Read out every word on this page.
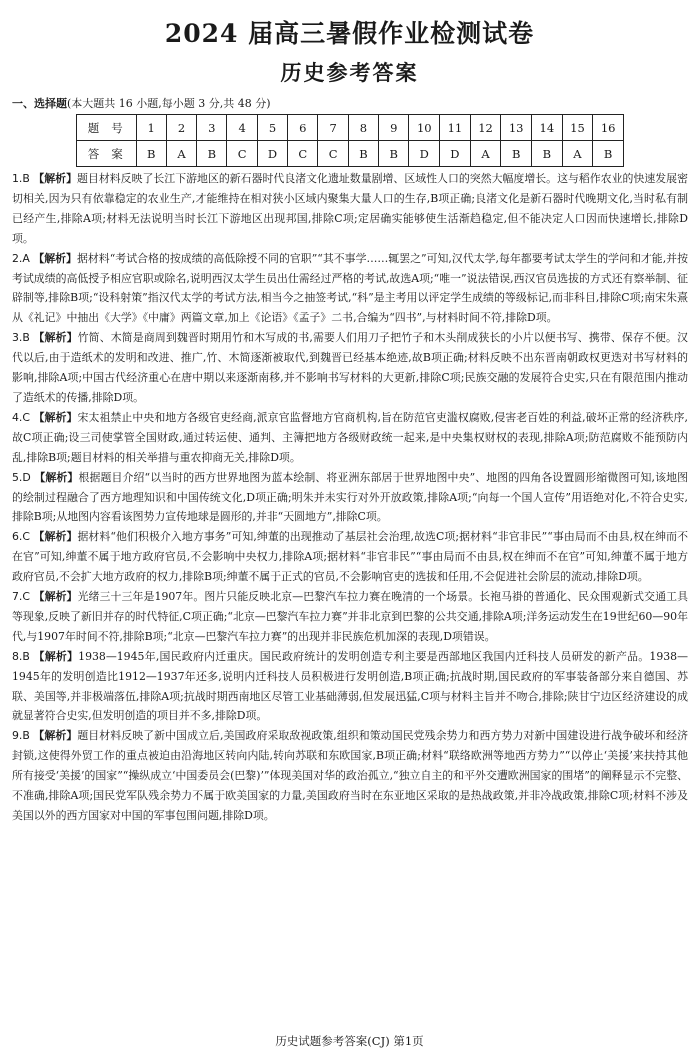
2024 届高三暑假作业检测试卷
历史参考答案
一、选择题(本大题共 16 小题,每小题 3 分,共 48 分)
题号	1	2	3	4	5	6	7	8	9	10	11	12	13	14	15	16
答案	B	A	B	C	D	C	C	B	B	D	D	A	B	B	A	B

1.B 【解析】题目材料反映了长江下游地区的新石器时代良渚文化遗址数量剧增、区域性人口的突然大幅度增长。这与稻作农业的快速发展密切相关,因为只有依靠稳定的农业生产,才能维持在相对狭小区域内聚集大量人口的生存,B项正确;良渚文化是新石器时代晚期文化,当时私有制已经产生,排除A项;材料无法说明当时长江下游地区出现邦国,排除C项;定居确实能够使生活渐趋稳定,但不能决定人口因而快速增长,排除D项。

2.A 【解析】据材料“考试合格的按成绩的高低除授不同的官职”“其不事学……辄罢之”可知,汉代太学,每年都要考试太学生的学问和才能,并按考试成绩的高低授予相应官职或除名,说明西汉太学生员出仕需经过严格的考试,故选A项;“唯一”说法错误,西汉官员选拔的方式还有察举制、征辟制等,排除B项;“设科射策”指汉代太学的考试方法,相当今之抽签考试,“科”是主考用以评定学生成绩的等级标记,而非科目,排除C项;南宋朱熹从《礼记》中抽出《大学》《中庸》两篇文章,加上《论语》《孟子》二书,合编为“四书”,与材料时间不符,排除D项。

3.B 【解析】竹简、木简是商周到魏晋时期用竹和木写成的书,需要人们用刀子把竹子和木头削成狭长的小片以便书写、携带、保存不便。汉代以后,由于造纸术的发明和改进、推广,竹、木简逐渐被取代,到魏晋已经基本绝迹,故B项正确;材料反映不出东晋南朝政权更迭对书写材料的影响,排除A项;中国古代经济重心在唐中期以来逐渐南移,并不影响书写材料的大更新,排除C项;民族交融的发展符合史实,只在有限范围内推动了造纸术的传播,排除D项。

4.C 【解析】宋太祖禁止中央和地方各级官吏经商,派京官监督地方官商机构,旨在防范官吏滥权腐败,侵害老百姓的利益,破坏正常的经济秩序,故C项正确;设三司使掌管全国财政,通过转运使、通判、主簿把地方各级财政统一起来,是中央集权财权的表现,排除A项;防范腐败不能预防内乱,排除B项;题目材料的相关举措与重农抑商无关,排除D项。

5.D 【解析】根据题目介绍“以当时的西方世界地图为蓝本绘制、将亚洲东部居于世界地图中央”、地图的四角各设置圆形缩微图可知,该地图的绘制过程融合了西方地理知识和中国传统文化,D项正确;明朱并未实行对外开放政策,排除A项;“向每一个国人宣传”用语绝对化,不符合史实,排除B项;从地图内容看该图势力宣传地球是圆形的,并非“天圆地方”,排除C项。

6.C 【解析】据材料“他们积极介入地方事务”可知,绅董的出现推动了基层社会治理,故选C项;据材料“非官非民”“事由局而不由县,权在绅而不在官”可知,绅董不属于地方政府官员,不会影响中央权力,排除A项;据材料“非官非民”“事由局而不由县,权在绅而不在官”可知,绅董不属于地方政府官员,不会扩大地方政府的权力,排除B项;绅董不属于正式的官员,不会影响官吏的选拔和任用,不会促进社会阶层的流动,排除D项。

7.C 【解析】光绪三十三年是1907年。图片只能反映北京—巴黎汽车拉力赛在晚清的一个场景。长袍马褂的普通化、民众围观新式交通工具等现象,反映了新旧并存的时代特征,C项正确;“北京—巴黎汽车拉力赛”并非北京到巴黎的公共交通,排除A项;洋务运动发生在19世纪60—90年代,与1907年时间不符,排除B项;“北京—巴黎汽车拉力赛”的出现并非民族危机加深的表现,D项错误。

8.B 【解析】1938—1945年,国民政府内迁重庆。国民政府统计的发明创造专利主要是西部地区我国内迁科技人员研发的新产品。1938—1945年的发明创造比1912—1937年还多,说明内迁科技人员积极进行发明创造,B项正确;抗战时期,国民政府的军事装备部分来自德国、苏联、美国等,并非极端落伍,排除A项;抗战时期西南地区尽管工业基础薄弱,但发展迅猛,C项与材料主旨并不吻合,排除;陕甘宁边区经济建设的成就显著符合史实,但发明创造的项目并不多,排除D项。

9.B 【解析】题目材料反映了新中国成立后,美国政府采取敌视政策,组织和策动国民党残余势力和西方势力对新中国建设进行战争破坏和经济封锁,这使得外贸工作的重点被迫由沿海地区转向内陆,转向苏联和东欧国家,B项正确;材料“联络欧洲等地西方势力”“以停止‘美援’来扶持其他所有接受‘美援’的国家”“操纵成立‘中国委员会(巴黎)’”体现美国对华的政治孤立,“独立自主的和平外交遭欧洲国家的围堵”的阐释显示不完整、不准确,排除A项;国民党军队残余势力不属于欧美国家的力量,美国政府当时在东亚地区采取的是热战政策,并非冷战政策,排除C项;材料不涉及美国以外的西方国家对中国的军事包围问题,排除D项。

历史试题参考答案(CJ) 第1页
